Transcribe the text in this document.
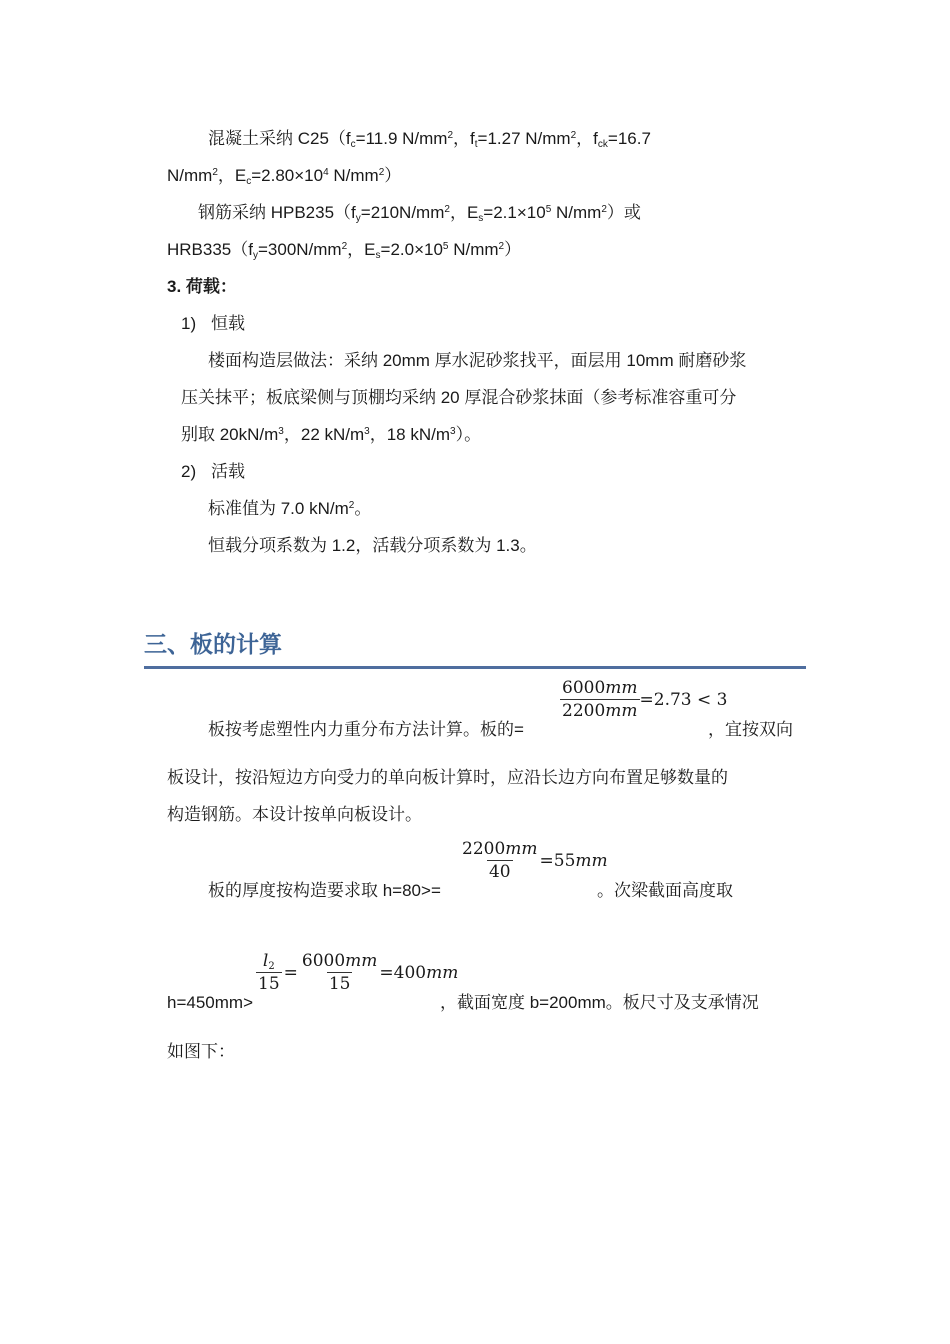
混凝土采纳 $C25(f_c=11.9$ $N/mm^2$，$f_t=1.27$ $N/mm^2$，$f_{ck}=16.7$
$N/mm^2$，$E_c=2.80\times 10^4$ $N/mm^2$）
钢筋采纳 $HPB235(f_y=210N/mm^2$，$E_s=2.1\times 10^5$ $N/mm^2$）或
$HRB335(f_y=300N/mm^2$，$E_s=2.0\times 10^5$ $N/mm^2$）
3. 荷载：
1) 恒载
楼面构造层做法：采纳 20mm 厚水泥砂浆找平，面层用 10mm 耐磨砂浆
压关抹平；板底梁侧与顶棚均采纳 20 厚混合砂浆抹面（参考标准容重可分
别取 $20kN/m^3$，22 $kN/m^3$，18 $kN/m^3$）。
2) 活载
标准值为 7.0 $kN/m^2$。
恒载分项系数为 1.2，活载分项系数为 1.3。
三、板的计算
板按考虑塑性内力重分布方法计算。板的=
$\frac{6000mm}{2200mm} =2.73 < 3$
，宜按双向
板设计，按沿短边方向受力的单向板计算时，应沿长边方向布置足够数量的
构造钢筋。本设计按单向板设计。
板的厚度按构造要求取 h=80>=
$\frac{2200mm}{40} =55$ mm
。次梁截面高度取
h=450mm>
$\frac{l_2}{15} = \frac{6000mm}{15} =400$ mm
，截面宽度 b=200mm。板尺寸及支承情况
如图下：
